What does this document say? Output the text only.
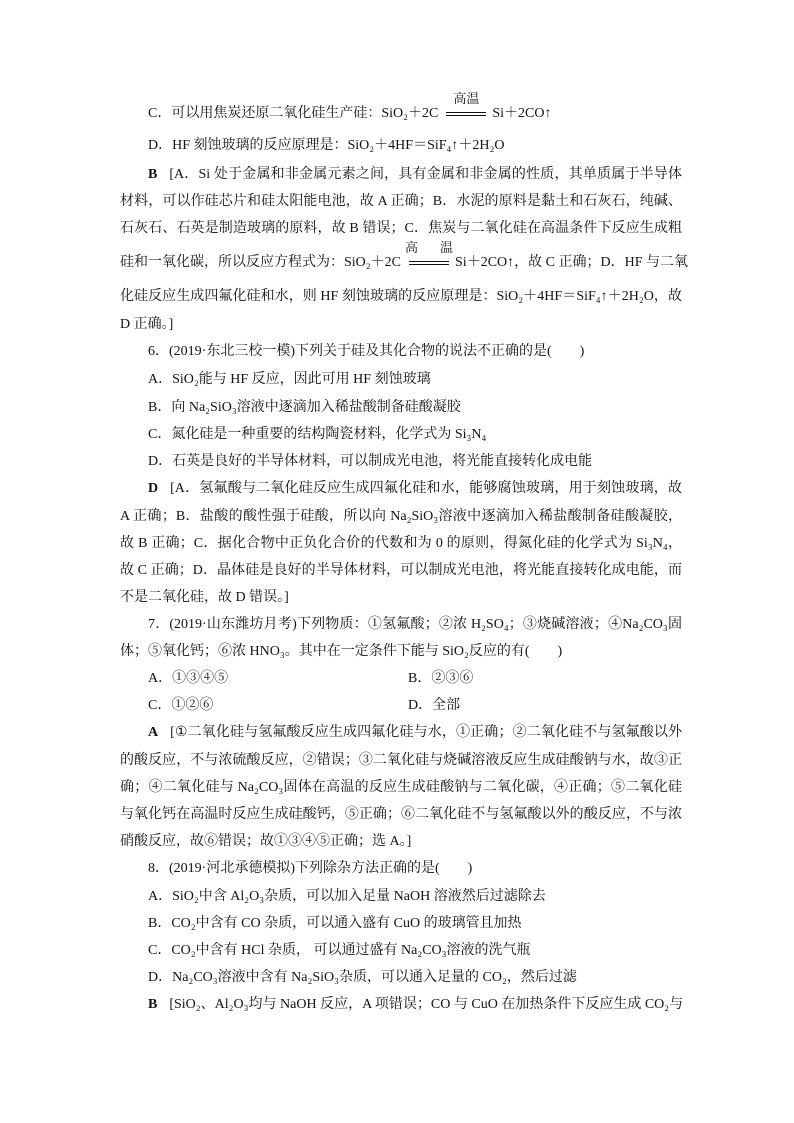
C．可以用焦炭还原二氧化硅生产硅：SiO₂＋2C
高温
Si＋2CO↑
D．HF 刻蚀玻璃的反应原理是：SiO₂＋4HF＝SiF₄↑＋2H₂O
B [A．Si 处于金属和非金属元素之间，具有金属和非金属的性质，其单质属于半导体
材料，可以作硅芯片和硅太阳能电池，故 A 正确；B．水泥的原料是黏土和石灰石，纯碱、
石灰石、石英是制造玻璃的原料，故 B 错误；C．焦炭与二氧化硅在高温条件下反应生成粗
硅和一氧化碳，所以反应方程式为：SiO₂＋2C
高温
Si＋2CO↑，故 C 正确；D．HF 与二氧
化硅反应生成四氟化硅和水，则 HF 刻蚀玻璃的反应原理是：SiO₂＋4HF＝SiF₄↑＋2H₂O，故
D 正确。]
6．(2019·东北三校一模)下列关于硅及其化合物的说法不正确的是(　　)
A．SiO₂能与 HF 反应，因此可用 HF 刻蚀玻璃
B．向 Na₂SiO₃溶液中逐滴加入稀盐酸制备硅酸凝胶
C．氮化硅是一种重要的结构陶瓷材料，化学式为 Si₃N₄
D．石英是良好的半导体材料，可以制成光电池，将光能直接转化成电能
D [A．氢氟酸与二氧化硅反应生成四氟化硅和水，能够腐蚀玻璃，用于刻蚀玻璃，故
A 正确；B．盐酸的酸性强于硅酸，所以向 Na₂SiO₃溶液中逐滴加入稀盐酸制备硅酸凝胶，
故 B 正确；C．据化合物中正负化合价的代数和为 0 的原则，得氮化硅的化学式为 Si₃N₄，
故 C 正确；D．晶体硅是良好的半导体材料，可以制成光电池，将光能直接转化成电能，而
不是二氧化硅，故 D 错误。]
7．(2019·山东潍坊月考)下列物质：①氢氟酸；②浓 H₂SO₄；③烧碱溶液；④Na₂CO₃固
体；⑤氧化钙；⑥浓 HNO₃。其中在一定条件下能与 SiO₂反应的有(　　)
A．①③④⑤	B．②③⑥
C．①②⑥	D．全部
A [①二氧化硅与氢氟酸反应生成四氟化硅与水，①正确；②二氧化硅不与氢氟酸以外
的酸反应，不与浓硫酸反应，②错误；③二氧化硅与烧碱溶液反应生成硅酸钠与水，故③正
确；④二氧化硅与 Na₂CO₃固体在高温的反应生成硅酸钠与二氧化碳，④正确；⑤二氧化硅
与氧化钙在高温时反应生成硅酸钙，⑤正确；⑥二氧化硅不与氢氟酸以外的酸反应，不与浓
硝酸反应，故⑥错误；故①③④⑤正确；选 A。]
8．(2019·河北承德模拟)下列除杂方法正确的是(　　)
A．SiO₂中含 Al₂O₃杂质，可以加入足量 NaOH 溶液然后过滤除去
B．CO₂中含有 CO 杂质，可以通入盛有 CuO 的玻璃管且加热
C．CO₂中含有 HCl 杂质， 可以通过盛有 Na₂CO₃溶液的洗气瓶
D．Na₂CO₃溶液中含有 Na₂SiO₃杂质，可以通入足量的 CO₂，然后过滤
B [SiO₂、Al₂O₃均与 NaOH 反应，A 项错误；CO 与 CuO 在加热条件下反应生成 CO₂与
